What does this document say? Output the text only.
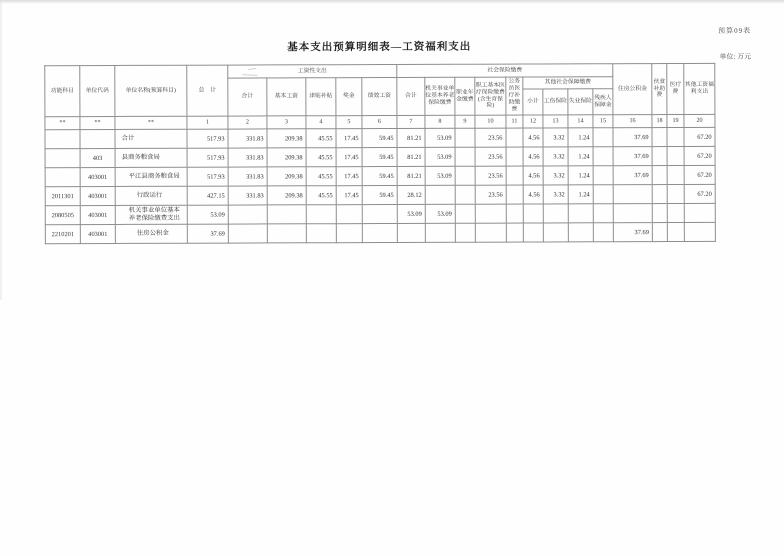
预算09表
基本支出预算明细表—工资福利支出
单位: 万元
功能科目	单位代码	单位名称(预算科目)	总　计	工资性支出					社会保险缴费									住房公积金	伙食补助费	医疗费	其他工资福利支出
				合计	基本工资	津贴补贴	奖金	绩效工资	合计	机关事业单位基本养老保险缴费	职业年金缴费	职工基本医疗保险缴费(含生育保险)	公务员医疗补助缴费	其他社会保障缴费							
														小计	工伤保险	失业保险	残疾人保障金				
**	**	**	1	2	3	4	5	6	7	8	9	10	11	12	13	14	15	16	18	19	20
		合计	517.93	331.83	209.38	45.55	17.45	59.45	81.21	53.09		23.56		4.56	3.32	1.24		37.69			67.20
	403	县商务粮食局	517.93	331.83	209.38	45.55	17.45	59.45	81.21	53.09		23.56		4.56	3.32	1.24		37.69			67.20
	403001	平江县商务粮食局	517.93	331.83	209.38	45.55	17.45	59.45	81.21	53.09		23.56		4.56	3.32	1.24		37.69			67.20
2011301	403001	行政运行	427.15	331.83	209.38	45.55	17.45	59.45	28.12			23.56		4.56	3.32	1.24					67.20
2080505	403001	机关事业单位基本养老保险缴费支出	53.09						53.09	53.09											
2210201	403001	住房公积金	37.69															37.69			
